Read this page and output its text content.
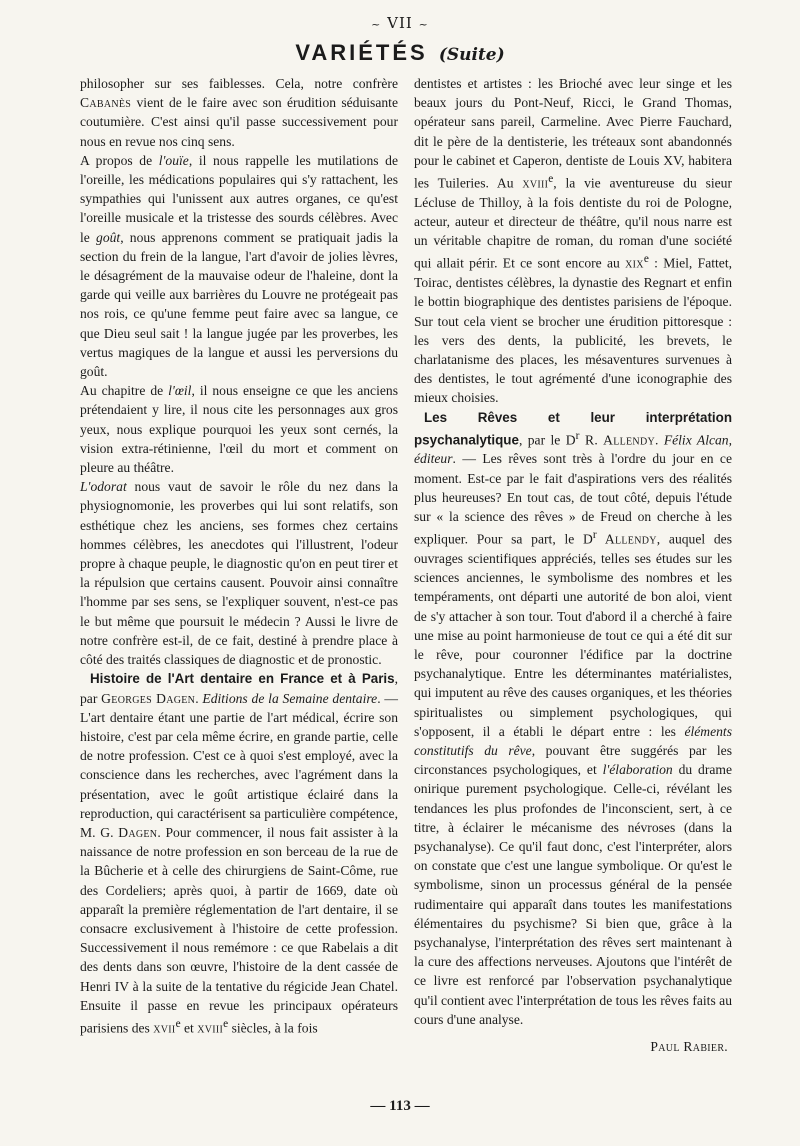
~ VII ~
VARIÉTÉS (Suite)

philosopher sur ses faiblesses. Cela, notre confrère Cabanès vient de le faire avec son érudition séduisante coutumière. C'est ainsi qu'il passe successivement pour nous en revue nos cinq sens.

A propos de l'ouïe, il nous rappelle les mutilations de l'oreille, les médications populaires qui s'y rattachent, les sympathies qui l'unissent aux autres organes, ce qu'est l'oreille musicale et la tristesse des sourds célèbres. Avec le goût, nous apprenons comment se pratiquait jadis la section du frein de la langue, l'art d'avoir de jolies lèvres, le désagrément de la mauvaise odeur de l'haleine, dont la garde qui veille aux barrières du Louvre ne protégeait pas nos rois, ce qu'une femme peut faire avec sa langue, ce que Dieu seul sait ! la langue jugée par les proverbes, les vertus magiques de la langue et aussi les perversions du goût.

Au chapitre de l'œil, il nous enseigne ce que les anciens prétendaient y lire, il nous cite les personnages aux gros yeux, nous explique pourquoi les yeux sont cernés, la vision extra-rétinienne, l'œil du mort et comment on pleure au théâtre.

L'odorat nous vaut de savoir le rôle du nez dans la physiognomonie, les proverbes qui lui sont relatifs, son esthétique chez les anciens, ses formes chez certains hommes célèbres, les anecdotes qui l'illustrent, l'odeur propre à chaque peuple, le diagnostic qu'on en peut tirer et la répulsion que certains causent. Pouvoir ainsi connaître l'homme par ses sens, se l'expliquer souvent, n'est-ce pas le but même que poursuit le médecin ? Aussi le livre de notre confrère est-il, de ce fait, destiné à prendre place à côté des traités classiques de diagnostic et de pronostic.

Histoire de l'Art dentaire en France et à Paris, par Georges Dagen. Editions de la Semaine dentaire. — L'art dentaire étant une partie de l'art médical, écrire son histoire, c'est par cela même écrire, en grande partie, celle de notre profession. C'est ce à quoi s'est employé, avec la conscience dans les recherches, avec l'agrément dans la présentation, avec le goût artistique éclairé dans la reproduction, qui caractérisent sa particulière compétence, M. G. Dagen. Pour commencer, il nous fait assister à la naissance de notre profession en son berceau de la rue de la Bûcherie et à celle des chirurgiens de Saint-Côme, rue des Cordeliers; après quoi, à partir de 1669, date où apparaît la première réglementation de l'art dentaire, il se consacre exclusivement à l'histoire de cette profession. Successivement il nous remémore : ce que Rabelais a dit des dents dans son œuvre, l'histoire de la dent cassée de Henri IV à la suite de la tentative du régicide Jean Chatel. Ensuite il passe en revue les principaux opérateurs parisiens des xvii$^e$ et xviii$^e$ siècles, à la fois

dentistes et artistes : les Brioché avec leur singe et les beaux jours du Pont-Neuf, Ricci, le Grand Thomas, opérateur sans pareil, Carmeline. Avec Pierre Fauchard, dit le père de la dentisterie, les tréteaux sont abandonnés pour le cabinet et Caperon, dentiste de Louis XV, habitera les Tuileries. Au xviii$^e$, la vie aventureuse du sieur Lécluse de Thilloy, à la fois dentiste du roi de Pologne, acteur, auteur et directeur de théâtre, qu'il nous narre est un véritable chapitre de roman, du roman d'une société qui allait périr. Et ce sont encore au xix$^e$ : Miel, Fattet, Toirac, dentistes célèbres, la dynastie des Regnart et enfin le bottin biographique des dentistes parisiens de l'époque. Sur tout cela vient se brocher une érudition pittoresque : les vers des dents, la publicité, les brevets, le charlatanisme des places, les mésaventures survenues à des dentistes, le tout agrémenté d'une iconographie des mieux choisies.

Les Rêves et leur interprétation psychanalytique, par le $D^r$ R. Allendy. Félix Alcan, éditeur. — Les rêves sont très à l'ordre du jour en ce moment. Est-ce par le fait d'aspirations vers des réalités plus heureuses? En tout cas, de tout côté, depuis l'étude sur « la science des rêves » de Freud on cherche à les expliquer. Pour sa part, le $D^r$ Allendy, auquel des ouvrages scientifiques appréciés, telles ses études sur les sciences anciennes, le symbolisme des nombres et les tempéraments, ont départi une autorité de bon aloi, vient de s'y attacher à son tour. Tout d'abord il a cherché à faire une mise au point harmonieuse de tout ce qui a été dit sur le rêve, pour couronner l'édifice par la doctrine psychanalytique. Entre les déterminantes matérialistes, qui imputent au rêve des causes organiques, et les théories spiritualistes ou simplement psychologiques, qui s'opposent, il a établi le départ entre : les éléments constitutifs du rêve, pouvant être suggérés par les circonstances psychologiques, et l'élaboration du drame onirique purement psychologique. Celle-ci, révélant les tendances les plus profondes de l'inconscient, sert, à ce titre, à éclairer le mécanisme des névroses (dans la psychanalyse). Ce qu'il faut donc, c'est l'interpréter, alors on constate que c'est une langue symbolique. Or qu'est le symbolisme, sinon un processus général de la pensée rudimentaire qui apparaît dans toutes les manifestations élémentaires du psychisme? Si bien que, grâce à la psychanalyse, l'interprétation des rêves sert maintenant à la cure des affections nerveuses. Ajoutons que l'intérêt de ce livre est renforcé par l'observation psychanalytique qu'il contient avec l'interprétation de tous les rêves faits au cours d'une analyse.

Paul Rabier.

— 113 —
